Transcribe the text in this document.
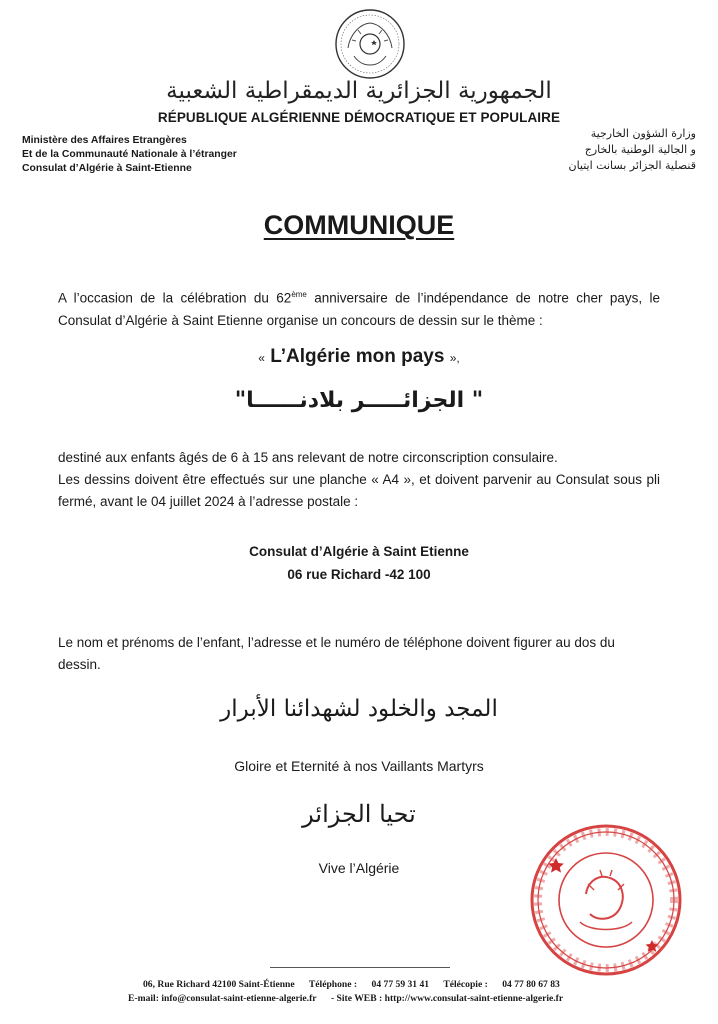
الجمهورية الجزائرية الديمقراطية الشعبية
RÉPUBLIQUE ALGÉRIENNE DÉMOCRATIQUE ET POPULAIRE
Ministère des Affaires Etrangères
Et de la Communauté Nationale à l’étranger
Consulat d’Algérie à Saint-Etienne
وزارة الشؤون الخارجية
و الجالية الوطنية بالخارج
قنصلية الجزائر بسانت ايتيان
COMMUNIQUE
A l’occasion de la célébration du 62ème anniversaire de l’indépendance de notre cher pays, le Consulat d’Algérie à Saint Etienne organise un concours de dessin sur le thème :
« L’Algérie mon pays »,
" الجزائـــــر بلادنــــــا"
destiné aux enfants âgés de 6 à 15 ans relevant de notre circonscription consulaire.
Les dessins doivent être effectués sur une planche « A4 », et doivent parvenir au Consulat sous pli fermé, avant le 04 juillet 2024 à l’adresse postale :
Consulat d’Algérie à Saint Etienne
06 rue Richard -42 100
Le nom et prénoms de l’enfant, l’adresse et le numéro de téléphone doivent figurer au dos du dessin.
المجد والخلود لشهدائنا الأبرار
Gloire et Eternité à nos Vaillants Martyrs
تحيا الجزائر
Vive l’Algérie
06, Rue Richard 42100 Saint-Étienne Téléphone : 04 77 59 31 41 Télécopie : 04 77 80 67 83
E-mail: info@consulat-saint-etienne-algerie.fr - Site WEB : http://www.consulat-saint-etienne-algerie.fr
